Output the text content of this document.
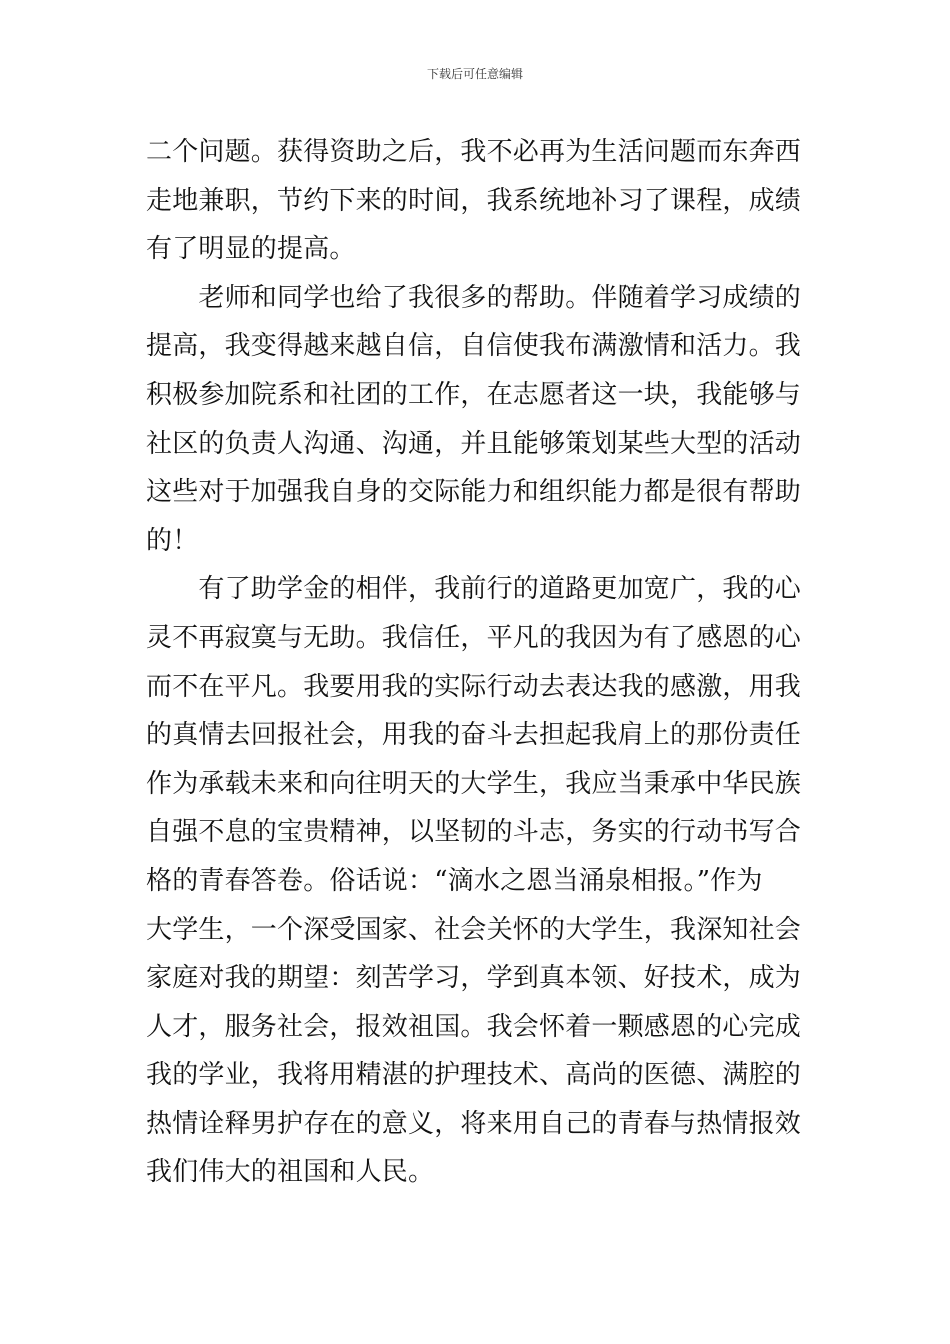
下载后可任意编辑
二个问题。获得资助之后，我不必再为生活问题而东奔西
走地兼职，节约下来的时间，我系统地补习了课程，成绩
有了明显的提高。
　　老师和同学也给了我很多的帮助。伴随着学习成绩的
提高，我变得越来越自信，自信使我布满激情和活力。我
积极参加院系和社团的工作，在志愿者这一块，我能够与
社区的负责人沟通、沟通，并且能够策划某些大型的活动
这些对于加强我自身的交际能力和组织能力都是很有帮助
的！
　　有了助学金的相伴，我前行的道路更加宽广，我的心
灵不再寂寞与无助。我信任，平凡的我因为有了感恩的心
而不在平凡。我要用我的实际行动去表达我的感激，用我
的真情去回报社会，用我的奋斗去担起我肩上的那份责任
作为承载未来和向往明天的大学生，我应当秉承中华民族
自强不息的宝贵精神，以坚韧的斗志，务实的行动书写合
格的青春答卷。俗话说：“滴水之恩当涌泉相报。”作为
大学生，一个深受国家、社会关怀的大学生，我深知社会
家庭对我的期望：刻苦学习，学到真本领、好技术，成为
人才，服务社会，报效祖国。我会怀着一颗感恩的心完成
我的学业，我将用精湛的护理技术、高尚的医德、满腔的
热情诠释男护存在的意义，将来用自己的青春与热情报效
我们伟大的祖国和人民。
